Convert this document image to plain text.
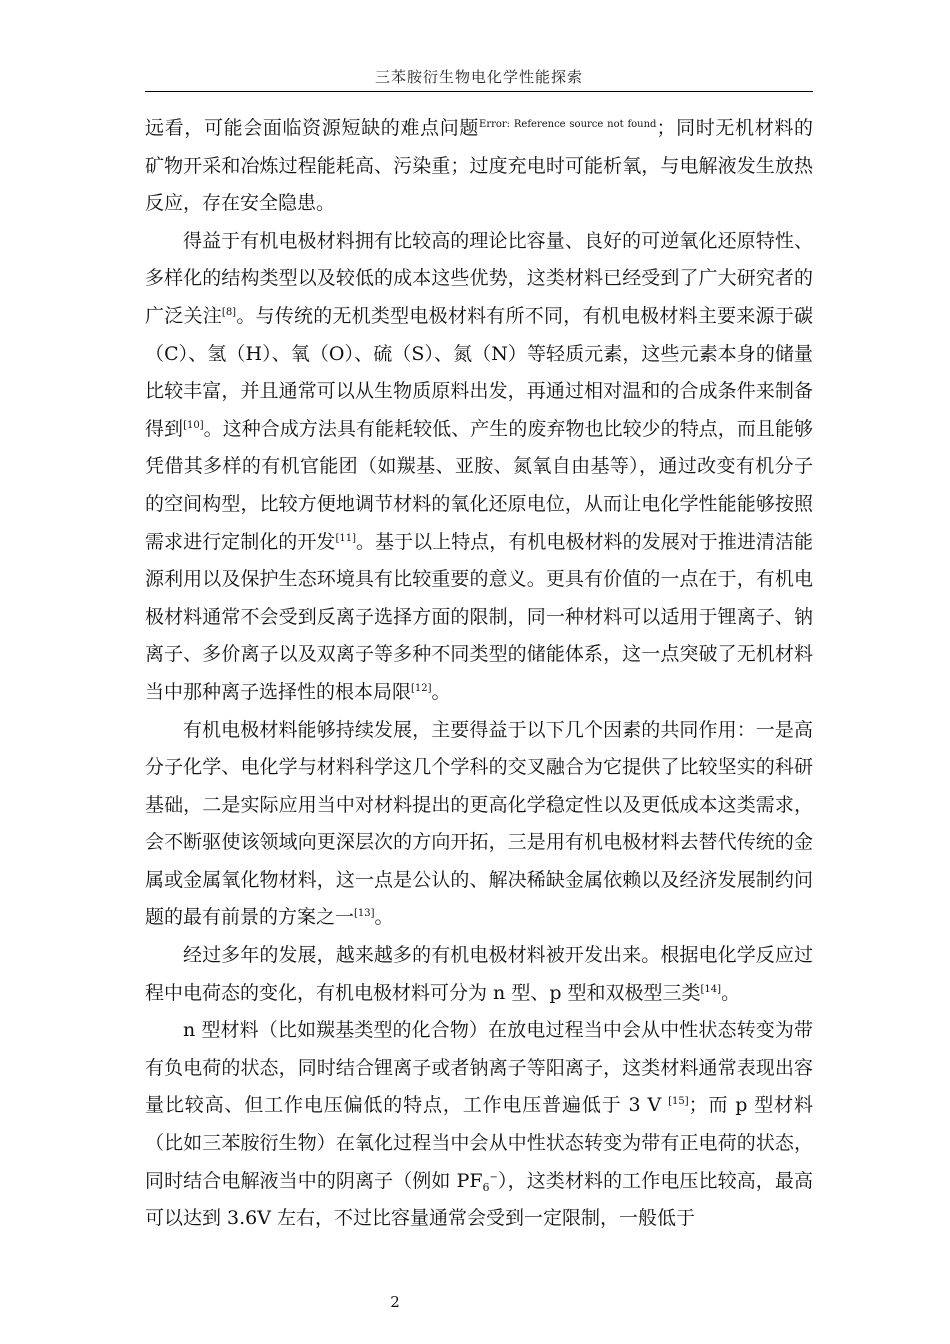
三苯胺衍生物电化学性能探索

远看，可能会面临资源短缺的难点问题$^{Error: Reference source not found}$；同时无机材料的矿物开采和冶炼过程能耗高、污染重；过度充电时可能析氧，与电解液发生放热反应，存在安全隐患。

得益于有机电极材料拥有比较高的理论比容量、良好的可逆氧化还原特性、多样化的结构类型以及较低的成本这些优势，这类材料已经受到了广大研究者的广泛关注[8]。与传统的无机类型电极材料有所不同，有机电极材料主要来源于碳（C）、氢（H）、氧（O）、硫（S）、氮（N）等轻质元素，这些元素本身的储量比较丰富，并且通常可以从生物质原料出发，再通过相对温和的合成条件来制备得到[10]。这种合成方法具有能耗较低、产生的废弃物也比较少的特点，而且能够凭借其多样的有机官能团（如羰基、亚胺、氮氧自由基等），通过改变有机分子的空间构型，比较方便地调节材料的氧化还原电位，从而让电化学性能能够按照需求进行定制化的开发[11]。基于以上特点，有机电极材料的发展对于推进清洁能源利用以及保护生态环境具有比较重要的意义。更具有价值的一点在于，有机电极材料通常不会受到反离子选择方面的限制，同一种材料可以适用于锂离子、钠离子、多价离子以及双离子等多种不同类型的储能体系，这一点突破了无机材料当中那种离子选择性的根本局限[12]。

有机电极材料能够持续发展，主要得益于以下几个因素的共同作用：一是高分子化学、电化学与材料科学这几个学科的交叉融合为它提供了比较坚实的科研基础，二是实际应用当中对材料提出的更高化学稳定性以及更低成本这类需求，会不断驱使该领域向更深层次的方向开拓，三是用有机电极材料去替代传统的金属或金属氧化物材料，这一点是公认的、解决稀缺金属依赖以及经济发展制约问题的最有前景的方案之一[13]。

经过多年的发展，越来越多的有机电极材料被开发出来。根据电化学反应过程中电荷态的变化，有机电极材料可分为 n 型、p 型和双极型三类[14]。

n 型材料（比如羰基类型的化合物）在放电过程当中会从中性状态转变为带有负电荷的状态，同时结合锂离子或者钠离子等阳离子，这类材料通常表现出容量比较高、但工作电压偏低的特点，工作电压普遍低于 3 V [15]；而 p 型材料（比如三苯胺衍生物）在氧化过程当中会从中性状态转变为带有正电荷的状态，同时结合电解液当中的阴离子（例如 $PF_6^-$），这类材料的工作电压比较高，最高可以达到 3.6V 左右，不过比容量通常会受到一定限制，一般低于

2
